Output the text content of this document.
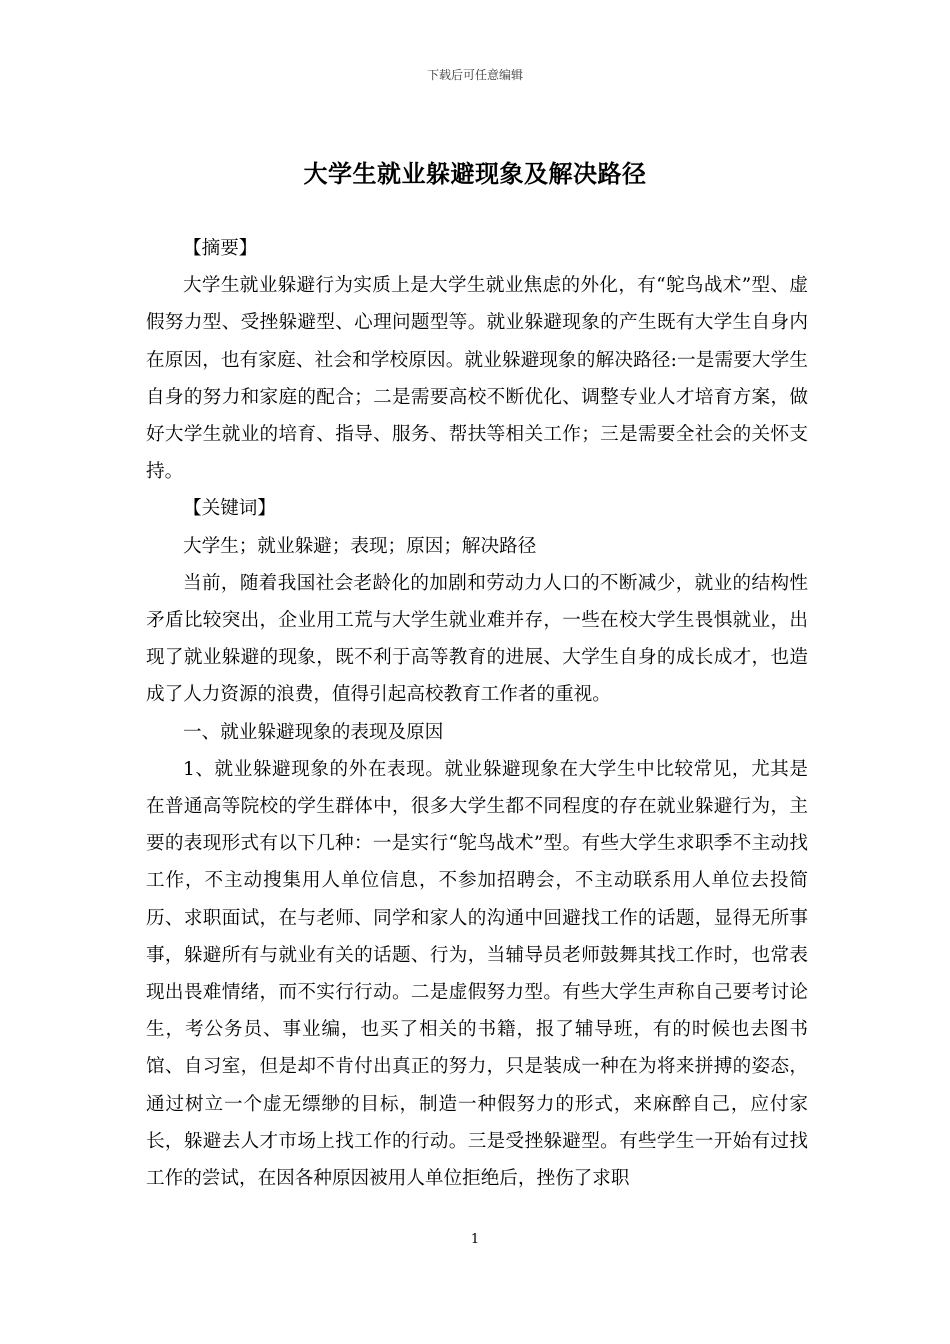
下载后可任意编辑
大学生就业躲避现象及解决路径

【摘要】

大学生就业躲避行为实质上是大学生就业焦虑的外化，有“鸵鸟战术”型、虚假努力型、受挫躲避型、心理问题型等。就业躲避现象的产生既有大学生自身内在原因，也有家庭、社会和学校原因。就业躲避现象的解决路径:一是需要大学生自身的努力和家庭的配合；二是需要高校不断优化、调整专业人才培育方案，做好大学生就业的培育、指导、服务、帮扶等相关工作；三是需要全社会的关怀支持。

【关键词】

大学生；就业躲避；表现；原因；解决路径

当前，随着我国社会老龄化的加剧和劳动力人口的不断减少，就业的结构性矛盾比较突出，企业用工荒与大学生就业难并存，一些在校大学生畏惧就业，出现了就业躲避的现象，既不利于高等教育的进展、大学生自身的成长成才，也造成了人力资源的浪费，值得引起高校教育工作者的重视。

一、就业躲避现象的表现及原因

1、就业躲避现象的外在表现。就业躲避现象在大学生中比较常见，尤其是在普通高等院校的学生群体中，很多大学生都不同程度的存在就业躲避行为，主要的表现形式有以下几种：一是实行“鸵鸟战术”型。有些大学生求职季不主动找工作，不主动搜集用人单位信息，不参加招聘会，不主动联系用人单位去投简历、求职面试，在与老师、同学和家人的沟通中回避找工作的话题，显得无所事事，躲避所有与就业有关的话题、行为，当辅导员老师鼓舞其找工作时，也常表现出畏难情绪，而不实行行动。二是虚假努力型。有些大学生声称自己要考讨论生，考公务员、事业编，也买了相关的书籍，报了辅导班，有的时候也去图书馆、自习室，但是却不肯付出真正的努力，只是装成一种在为将来拼搏的姿态，通过树立一个虚无缥缈的目标，制造一种假努力的形式，来麻醉自己，应付家长，躲避去人才市场上找工作的行动。三是受挫躲避型。有些学生一开始有过找工作的尝试，在因各种原因被用人单位拒绝后，挫伤了求职

1
